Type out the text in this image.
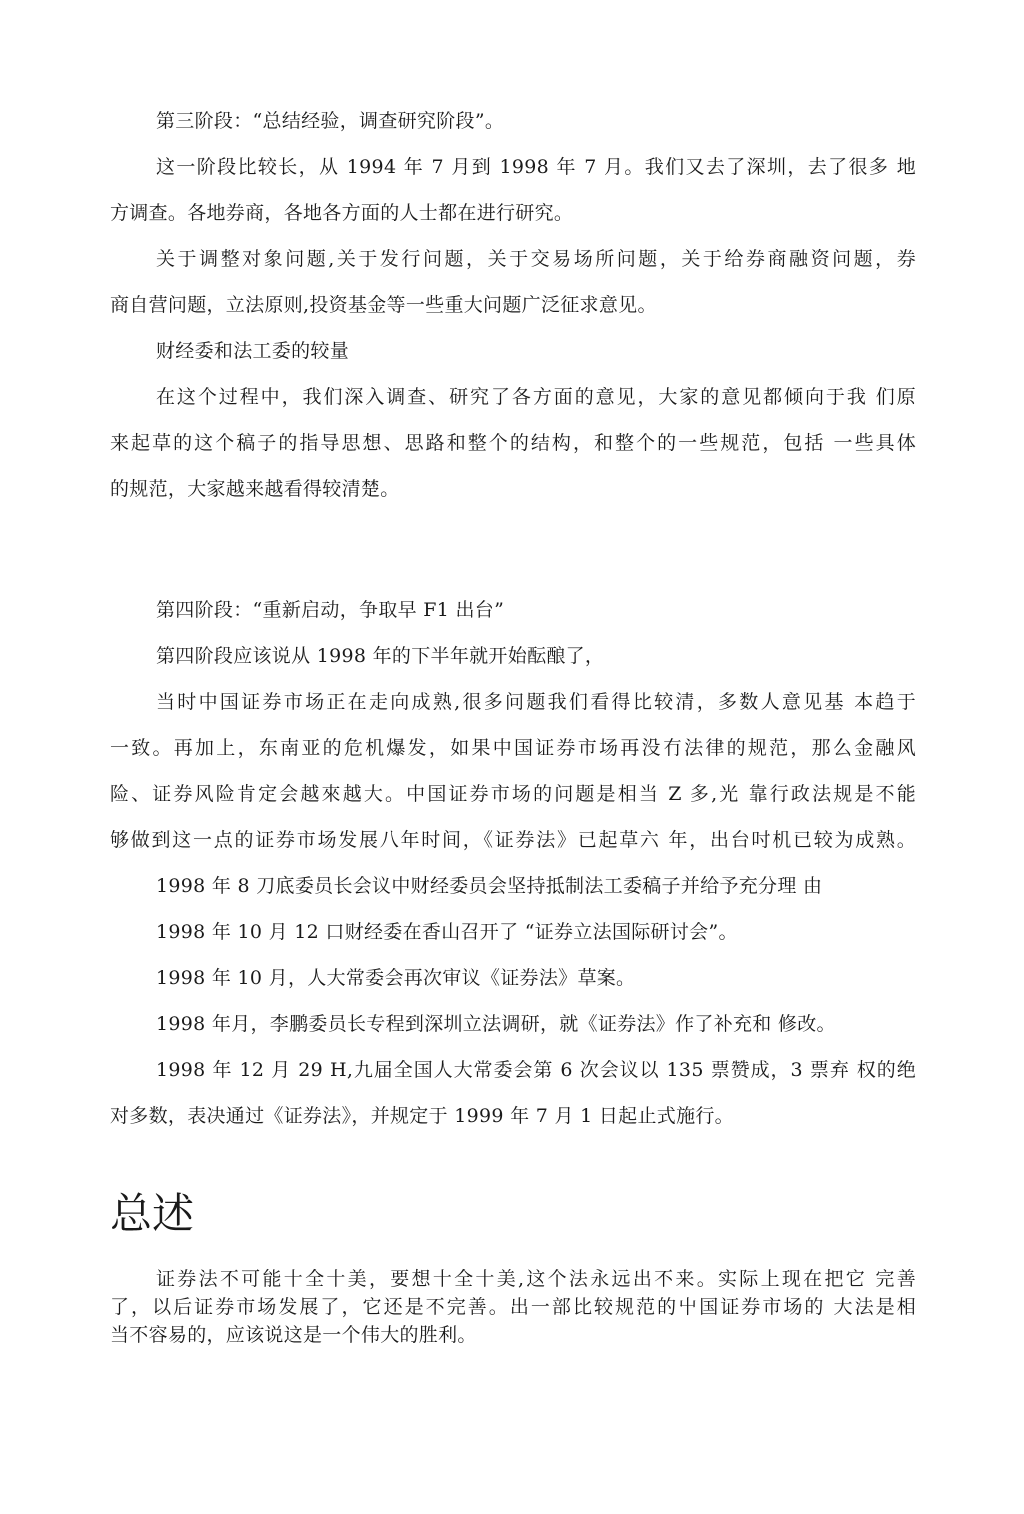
第三阶段：“总结经验，调查研究阶段”。
这一阶段比较长，从 1994 年 7 月到 1998 年 7 月。我们又去了深圳，去了很多 地
方调查。各地券商，各地各方面的人士都在进行研究。
关于调整对象问题,关于发行问题，关于交易场所问题，关于给券商融资问题，券
商自营问题，立法原则,投资基金等一些重大问题广泛征求意见。
财经委和法工委的较量
在这个过程中，我们深入调查、研究了各方面的意见，大家的意见都倾向于我 们原
来起草的这个稿子的指导思想、思路和整个的结构，和整个的一些规范，包括 一些具体
的规范，大家越来越看得较清楚。
第四阶段：“重新启动，争取早 F1 出台”
第四阶段应该说从 1998 年的下半年就开始酝酿了，
当时中国证券市场正在走向成熟,很多问题我们看得比较清，多数人意见基 本趋于
一致。再加上，东南亚的危机爆发，如果中国证券市场再没冇法律的规范，那么金融风
险、证券风险肯定会越來越大。中国证券市场的问题是相当 Z 多,光 靠行政法规是不能
够做到这一点的证券市场发展八年时间，《证券法》已起草六 年，出台吋机已较为成熟。
1998 年 8 刀底委员长会议中财经委员会坚持抵制法工委稿子并给予充分理 由
1998 年 10 月 12 口财经委在香山召开了 “证券立法国际研讨会”。
1998 年 10 月，人大常委会再次审议《证券法》草案。
1998 年月，李鹏委员长专程到深圳立法调研，就《证券法》作了补充和 修改。
1998 年 12 月 29 H,九届全国人大常委会第 6 次会议以 135 票赞成，3 票弃 权的绝
对多数，表决通过《证券法》，并规定于 1999 年 7 月 1 日起止式施行。
总述
证券法不可能十全十美，要想十全十美,这个法永远出不来。实际上现在把它 完善
了，以后证券市场发展了，它还是不完善。出一部比较规范的屮国证券市场的 大法是相
当不容易的，应该说这是一个伟大的胜利。
